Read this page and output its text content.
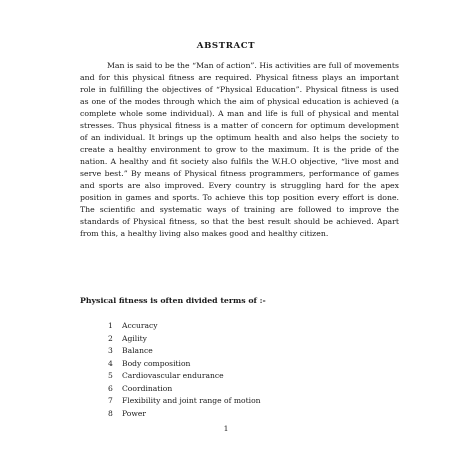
ABSTRACT

Man is said to be the “Man of action”. His activities are full of movements and for this physical fitness are required. Physical fitness plays an important role in fulfilling the objectives of “Physical Education”. Physical fitness is used as one of the modes through which the aim of physical education is achieved (a complete whole some individual). A man and life is full of physical and mental stresses. Thus physical fitness is a matter of concern for optimum development of an individual. It brings up the optimum health and also helps the society to create a healthy environment to grow to the maximum. It is the pride of the nation. A healthy and fit society also fulfils the W.H.O objective, “live most and serve best.” By means of Physical fitness programmers, performance of games and sports are also improved. Every country is struggling hard for the apex position in games and sports. To achieve this top position every effort is done. The scientific and systematic ways of training are followed to improve the standards of Physical fitness, so that the best result should be achieved. Apart from this, a healthy living also makes good and healthy citizen.

Physical fitness is often divided terms of :-

1 Accuracy
2 Agility
3 Balance
4 Body composition
5 Cardiovascular endurance
6 Coordination
7 Flexibility and joint range of motion
8 Power
1
